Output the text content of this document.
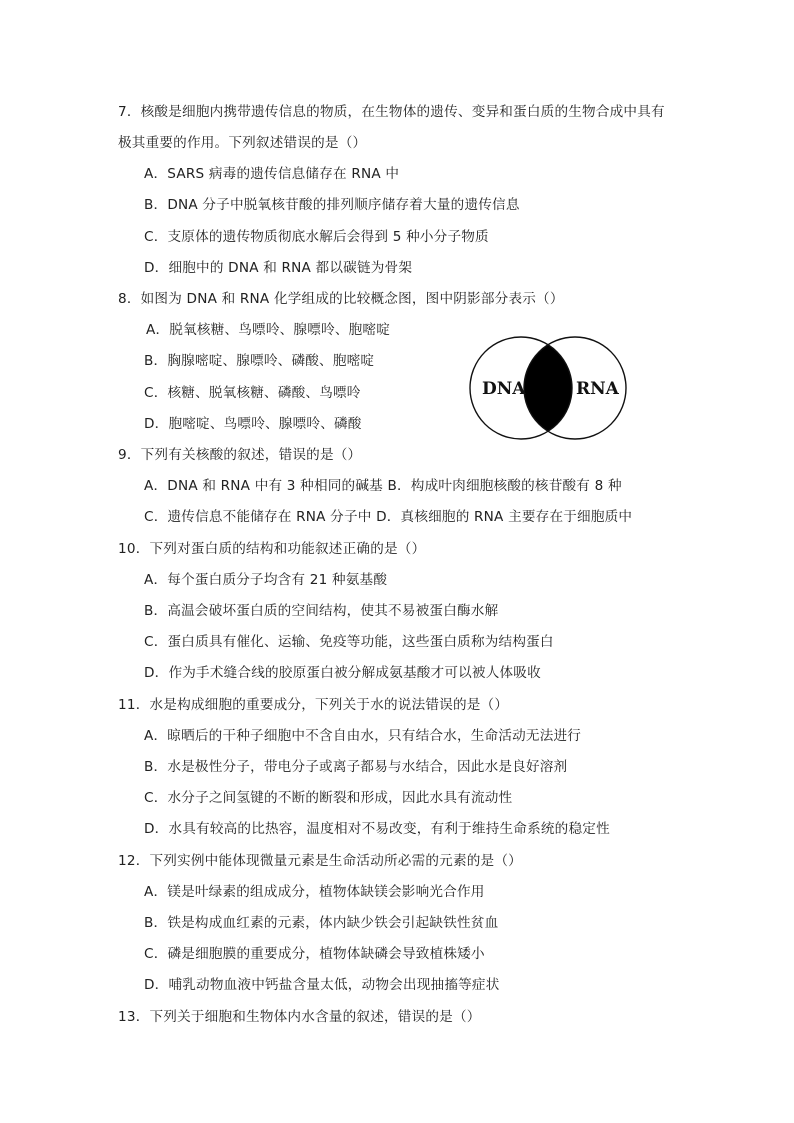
7．核酸是细胞内携带遗传信息的物质，在生物体的遗传、变异和蛋白质的生物合成中具有
极其重要的作用。下列叙述错误的是（）
A．SARS 病毒的遗传信息储存在 RNA 中
B．DNA 分子中脱氧核苷酸的排列顺序储存着大量的遗传信息
C．支原体的遗传物质彻底水解后会得到 5 种小分子物质
D．细胞中的 DNA 和 RNA 都以碳链为骨架
8．如图为 DNA 和 RNA 化学组成的比较概念图，图中阴影部分表示（）
A．脱氧核糖、鸟嘌呤、腺嘌呤、胞嘧啶
B．胸腺嘧啶、腺嘌呤、磷酸、胞嘧啶
C．核糖、脱氧核糖、磷酸、鸟嘌呤
D．胞嘧啶、鸟嘌呤、腺嘌呤、磷酸
DNA	RNA
9．下列有关核酸的叙述，错误的是（）
A．DNA 和 RNA 中有 3 种相同的碱基 B．构成叶肉细胞核酸的核苷酸有 8 种
C．遗传信息不能储存在 RNA 分子中 D．真核细胞的 RNA 主要存在于细胞质中
10．下列对蛋白质的结构和功能叙述正确的是（）
A．每个蛋白质分子均含有 21 种氨基酸
B．高温会破坏蛋白质的空间结构，使其不易被蛋白酶水解
C．蛋白质具有催化、运输、免疫等功能，这些蛋白质称为结构蛋白
D．作为手术缝合线的胶原蛋白被分解成氨基酸才可以被人体吸收
11．水是构成细胞的重要成分，下列关于水的说法错误的是（）
A．晾晒后的干种子细胞中不含自由水，只有结合水，生命活动无法进行
B．水是极性分子，带电分子或离子都易与水结合，因此水是良好溶剂
C．水分子之间氢键的不断的断裂和形成，因此水具有流动性
D．水具有较高的比热容，温度相对不易改变，有利于维持生命系统的稳定性
12．下列实例中能体现微量元素是生命活动所必需的元素的是（）
A．镁是叶绿素的组成成分，植物体缺镁会影响光合作用
B．铁是构成血红素的元素，体内缺少铁会引起缺铁性贫血
C．磷是细胞膜的重要成分，植物体缺磷会导致植株矮小
D．哺乳动物血液中钙盐含量太低，动物会出现抽搐等症状
13．下列关于细胞和生物体内水含量的叙述，错误的是（）
